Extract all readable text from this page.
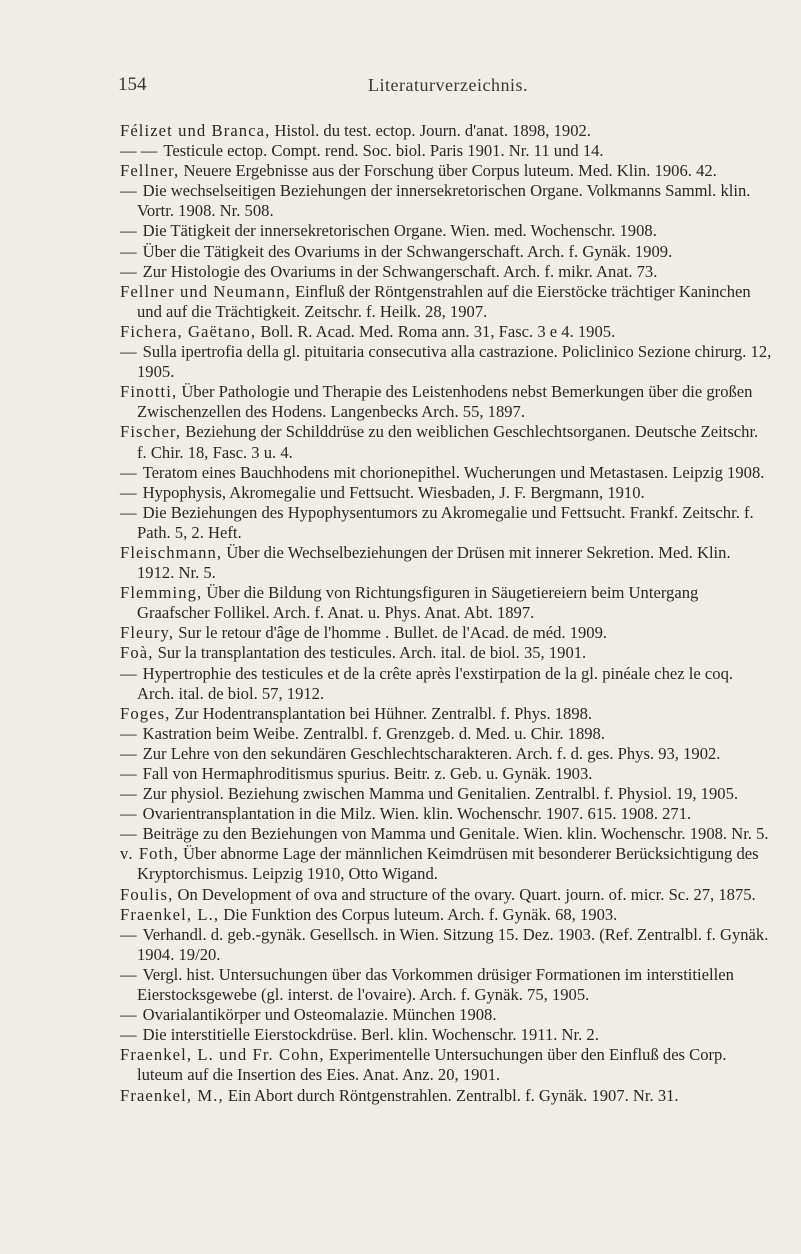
154	Literaturverzeichnis.

Félizet und Branca, Histol. du test. ectop. Journ. d'anat. 1898, 1902.

— — Testicule ectop. Compt. rend. Soc. biol. Paris 1901. Nr. 11 und 14.

Fellner, Neuere Ergebnisse aus der Forschung über Corpus luteum. Med. Klin. 1906. 42.

— Die wechselseitigen Beziehungen der innersekretorischen Organe. Volkmanns Samml. klin. Vortr. 1908. Nr. 508.

— Die Tätigkeit der innersekretorischen Organe. Wien. med. Wochenschr. 1908.

— Über die Tätigkeit des Ovariums in der Schwangerschaft. Arch. f. Gynäk. 1909.

— Zur Histologie des Ovariums in der Schwangerschaft. Arch. f. mikr. Anat. 73.

Fellner und Neumann, Einfluß der Röntgenstrahlen auf die Eierstöcke trächtiger Kaninchen und auf die Trächtigkeit. Zeitschr. f. Heilk. 28, 1907.

Fichera, Gaëtano, Boll. R. Acad. Med. Roma ann. 31, Fasc. 3 e 4. 1905.

— Sulla ipertrofia della gl. pituitaria consecutiva alla castrazione. Policlinico Sezione chirurg. 12, 1905.

Finotti, Über Pathologie und Therapie des Leistenhodens nebst Bemerkungen über die großen Zwischenzellen des Hodens. Langenbecks Arch. 55, 1897.

Fischer, Beziehung der Schilddrüse zu den weiblichen Geschlechtsorganen. Deutsche Zeitschr. f. Chir. 18, Fasc. 3 u. 4.

— Teratom eines Bauchhodens mit chorionepithel. Wucherungen und Metastasen. Leipzig 1908.

— Hypophysis, Akromegalie und Fettsucht. Wiesbaden, J. F. Bergmann, 1910.

— Die Beziehungen des Hypophysentumors zu Akromegalie und Fettsucht. Frankf. Zeitschr. f. Path. 5, 2. Heft.

Fleischmann, Über die Wechselbeziehungen der Drüsen mit innerer Sekretion. Med. Klin. 1912. Nr. 5.

Flemming, Über die Bildung von Richtungsfiguren in Säugetiereiern beim Untergang Graafscher Follikel. Arch. f. Anat. u. Phys. Anat. Abt. 1897.

Fleury, Sur le retour d'âge de l'homme . Bullet. de l'Acad. de méd. 1909.

Foà, Sur la transplantation des testicules. Arch. ital. de biol. 35, 1901.

— Hypertrophie des testicules et de la crête après l'exstirpation de la gl. pinéale chez le coq. Arch. ital. de biol. 57, 1912.

Foges, Zur Hodentransplantation bei Hühner. Zentralbl. f. Phys. 1898.

— Kastration beim Weibe. Zentralbl. f. Grenzgeb. d. Med. u. Chir. 1898.

— Zur Lehre von den sekundären Geschlechtscharakteren. Arch. f. d. ges. Phys. 93, 1902.

— Fall von Hermaphroditismus spurius. Beitr. z. Geb. u. Gynäk. 1903.

— Zur physiol. Beziehung zwischen Mamma und Genitalien. Zentralbl. f. Physiol. 19, 1905.

— Ovarientransplantation in die Milz. Wien. klin. Wochenschr. 1907. 615. 1908. 271.

— Beiträge zu den Beziehungen von Mamma und Genitale. Wien. klin. Wochenschr. 1908. Nr. 5.

v. Foth, Über abnorme Lage der männlichen Keimdrüsen mit besonderer Berücksichtigung des Kryptorchismus. Leipzig 1910, Otto Wigand.

Foulis, On Development of ova and structure of the ovary. Quart. journ. of. micr. Sc. 27, 1875.

Fraenkel, L., Die Funktion des Corpus luteum. Arch. f. Gynäk. 68, 1903.

— Verhandl. d. geb.-gynäk. Gesellsch. in Wien. Sitzung 15. Dez. 1903. (Ref. Zentralbl. f. Gynäk. 1904. 19/20.

— Vergl. hist. Untersuchungen über das Vorkommen drüsiger Formationen im interstitiellen Eierstocksgewebe (gl. interst. de l'ovaire). Arch. f. Gynäk. 75, 1905.

— Ovarialantikörper und Osteomalazie. München 1908.

— Die interstitielle Eierstockdrüse. Berl. klin. Wochenschr. 1911. Nr. 2.

Fraenkel, L. und Fr. Cohn, Experimentelle Untersuchungen über den Einfluß des Corp. luteum auf die Insertion des Eies. Anat. Anz. 20, 1901.

Fraenkel, M., Ein Abort durch Röntgenstrahlen. Zentralbl. f. Gynäk. 1907. Nr. 31.
